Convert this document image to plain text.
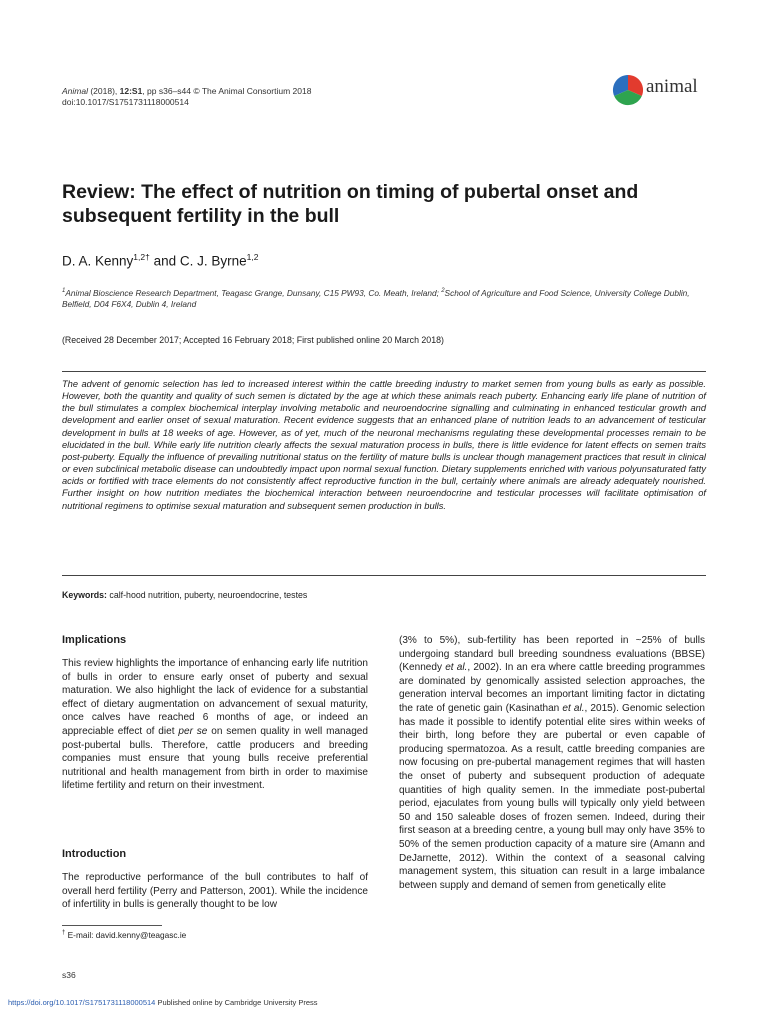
Animal (2018), 12:S1, pp s36–s44 © The Animal Consortium 2018
doi:10.1017/S1751731118000514
animal
Review: The effect of nutrition on timing of pubertal onset and subsequent fertility in the bull
D. A. Kenny$^{1,2\dagger}$ and C. J. Byrne$^{1,2}$
$^1$Animal Bioscience Research Department, Teagasc Grange, Dunsany, C15 PW93, Co. Meath, Ireland; $^2$School of Agriculture and Food Science, University College Dublin, Belfield, D04 F6X4, Dublin 4, Ireland
(Received 28 December 2017; Accepted 16 February 2018; First published online 20 March 2018)
The advent of genomic selection has led to increased interest within the cattle breeding industry to market semen from young bulls as early as possible. However, both the quantity and quality of such semen is dictated by the age at which these animals reach puberty. Enhancing early life plane of nutrition of the bull stimulates a complex biochemical interplay involving metabolic and neuroendocrine signalling and culminating in enhanced testicular growth and development and earlier onset of sexual maturation. Recent evidence suggests that an enhanced plane of nutrition leads to an advancement of testicular development in bulls at 18 weeks of age. However, as of yet, much of the neuronal mechanisms regulating these developmental processes remain to be elucidated in the bull. While early life nutrition clearly affects the sexual maturation process in bulls, there is little evidence for latent effects on semen traits post-puberty. Equally the influence of prevailing nutritional status on the fertility of mature bulls is unclear though management practices that result in clinical or even subclinical metabolic disease can undoubtedly impact upon normal sexual function. Dietary supplements enriched with various polyunsaturated fatty acids or fortified with trace elements do not consistently affect reproductive function in the bull, certainly where animals are already adequately nourished. Further insight on how nutrition mediates the biochemical interaction between neuroendocrine and testicular processes will facilitate optimisation of nutritional regimens to optimise sexual maturation and subsequent semen production in bulls.
Keywords: calf-hood nutrition, puberty, neuroendocrine, testes
Implications

This review highlights the importance of enhancing early life nutrition of bulls in order to ensure early onset of puberty and sexual maturation. We also highlight the lack of evidence for a substantial effect of dietary augmentation on advancement of sexual maturity, once calves have reached 6 months of age, or indeed an appreciable effect of diet per se on semen quality in well managed post-pubertal bulls. Therefore, cattle producers and breeding companies must ensure that young bulls receive preferential nutritional and health management from birth in order to maximise lifetime fertility and return on their investment.

Introduction

The reproductive performance of the bull contributes to half of overall herd fertility (Perry and Patterson, 2001). While the incidence of infertility in bulls is generally thought to be low

(3% to 5%), sub-fertility has been reported in ~25% of bulls undergoing standard bull breeding soundness evaluations (BBSE) (Kennedy et al., 2002). In an era where cattle breeding programmes are dominated by genomically assisted selection approaches, the generation interval becomes an important limiting factor in dictating the rate of genetic gain (Kasinathan et al., 2015). Genomic selection has made it possible to identify potential elite sires within weeks of their birth, long before they are pubertal or even capable of producing spermatozoa. As a result, cattle breeding companies are now focusing on pre-pubertal management regimes that will hasten the onset of puberty and subsequent production of adequate quantities of high quality semen. In the immediate post-pubertal period, ejaculates from young bulls will typically only yield between 50 and 150 saleable doses of frozen semen. Indeed, during their first season at a breeding centre, a young bull may only have 35% to 50% of the semen production capacity of a mature sire (Amann and DeJarnette, 2012). Within the context of a seasonal calving management system, this situation can result in a large imbalance between supply and demand of semen from genetically elite

† E-mail: david.kenny@teagasc.ie
s36
https://doi.org/10.1017/S1751731118000514 Published online by Cambridge University Press
